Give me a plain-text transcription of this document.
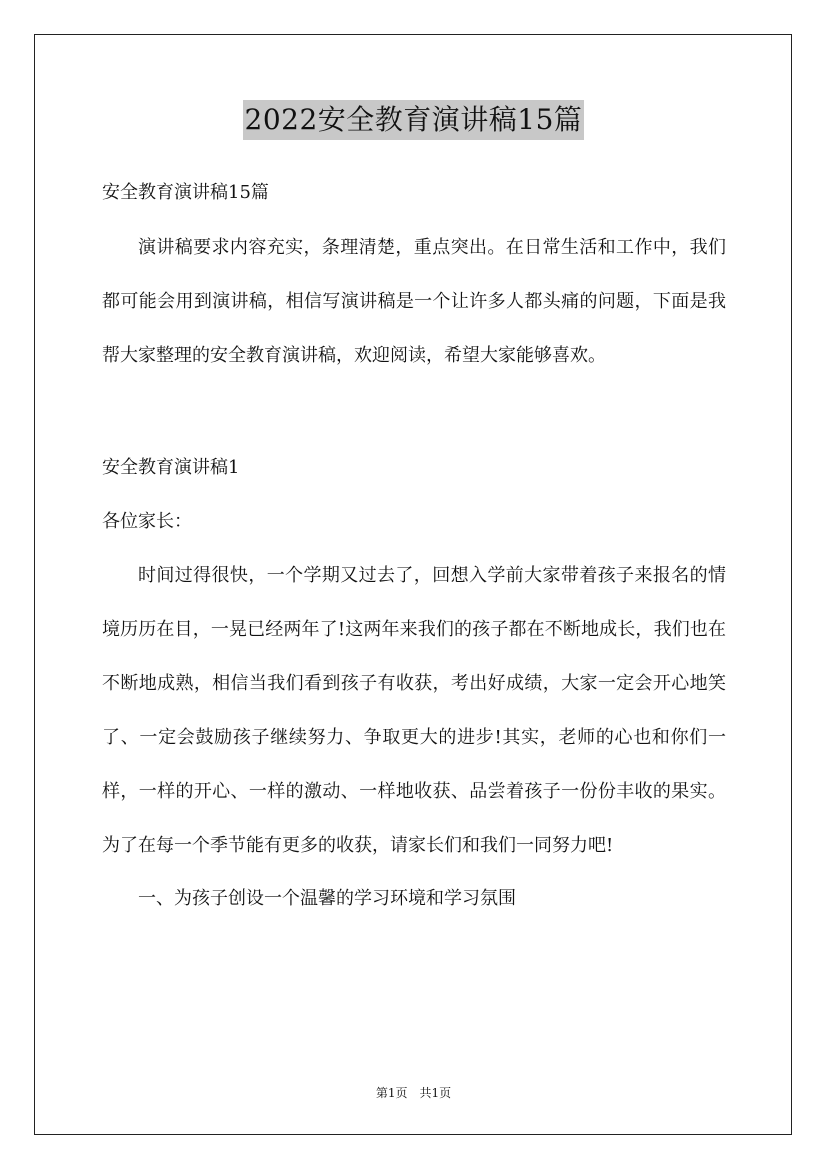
2022安全教育演讲稿15篇
安全教育演讲稿15篇

演讲稿要求内容充实，条理清楚，重点突出。在日常生活和工作中，我们都可能会用到演讲稿，相信写演讲稿是一个让许多人都头痛的问题，下面是我帮大家整理的安全教育演讲稿，欢迎阅读，希望大家能够喜欢。

安全教育演讲稿1

各位家长：

时间过得很快，一个学期又过去了，回想入学前大家带着孩子来报名的情境历历在目，一晃已经两年了!这两年来我们的孩子都在不断地成长，我们也在不断地成熟，相信当我们看到孩子有收获，考出好成绩，大家一定会开心地笑了、一定会鼓励孩子继续努力、争取更大的进步!其实，老师的心也和你们一样，一样的开心、一样的激动、一样地收获、品尝着孩子一份份丰收的果实。为了在每一个季节能有更多的收获，请家长们和我们一同努力吧!

一、为孩子创设一个温馨的学习环境和学习氛围
第1页　共1页
